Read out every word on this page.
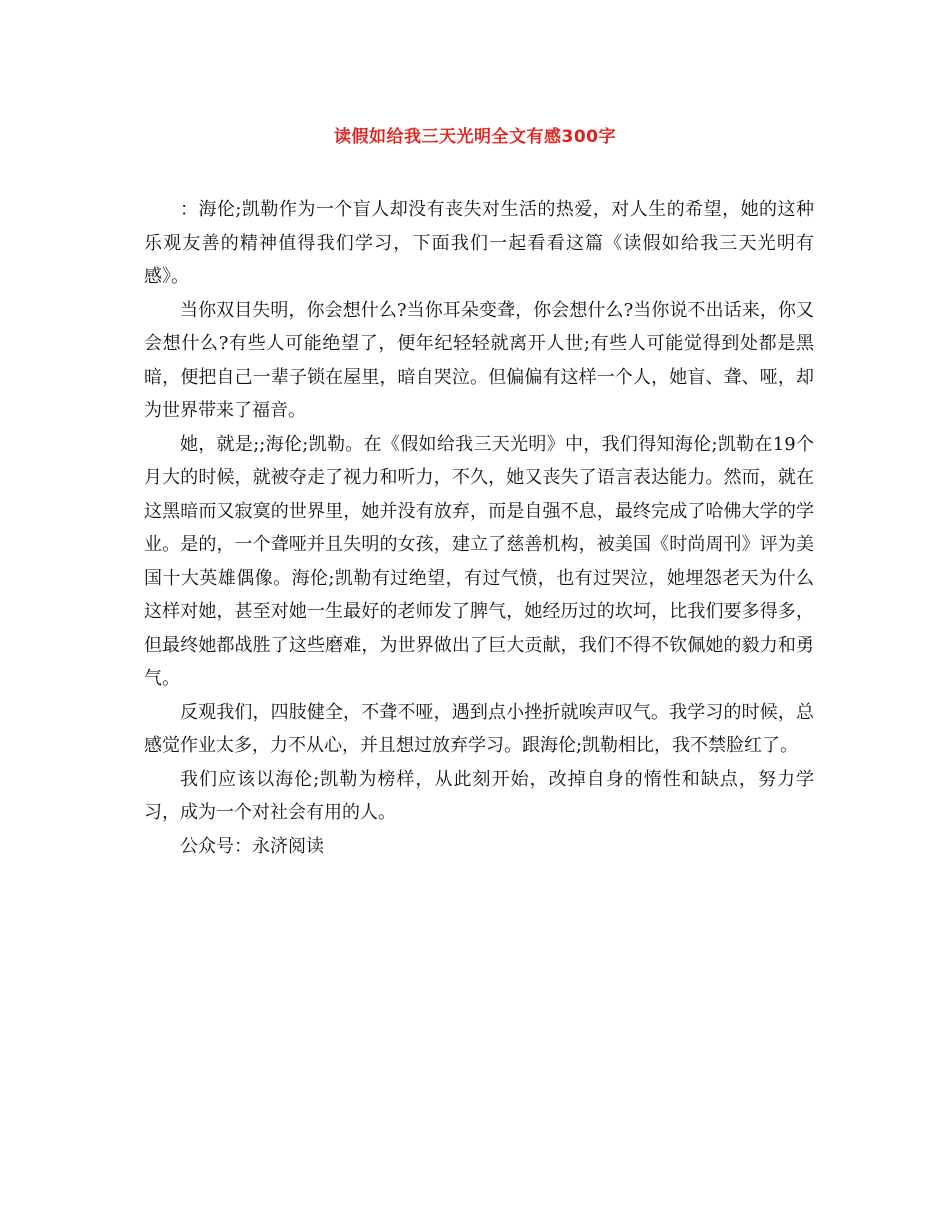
读假如给我三天光明全文有感300字

：海伦;凯勒作为一个盲人却没有丧失对生活的热爱，对人生的希望，她的这种乐观友善的精神值得我们学习，下面我们一起看看这篇《读假如给我三天光明有感》。

当你双目失明，你会想什么?当你耳朵变聋，你会想什么?当你说不出话来，你又会想什么?有些人可能绝望了，便年纪轻轻就离开人世;有些人可能觉得到处都是黑暗，便把自己一辈子锁在屋里，暗自哭泣。但偏偏有这样一个人，她盲、聋、哑，却为世界带来了福音。

她，就是;;海伦;凯勒。在《假如给我三天光明》中，我们得知海伦;凯勒在19个月大的时候，就被夺走了视力和听力，不久，她又丧失了语言表达能力。然而，就在这黑暗而又寂寞的世界里，她并没有放弃，而是自强不息，最终完成了哈佛大学的学业。是的，一个聋哑并且失明的女孩，建立了慈善机构，被美国《时尚周刊》评为美国十大英雄偶像。海伦;凯勒有过绝望，有过气愤，也有过哭泣，她埋怨老天为什么这样对她，甚至对她一生最好的老师发了脾气，她经历过的坎坷，比我们要多得多，但最终她都战胜了这些磨难，为世界做出了巨大贡献，我们不得不钦佩她的毅力和勇气。

反观我们，四肢健全，不聋不哑，遇到点小挫折就唉声叹气。我学习的时候，总感觉作业太多，力不从心，并且想过放弃学习。跟海伦;凯勒相比，我不禁脸红了。

我们应该以海伦;凯勒为榜样，从此刻开始，改掉自身的惰性和缺点，努力学习，成为一个对社会有用的人。

公众号：永济阅读
